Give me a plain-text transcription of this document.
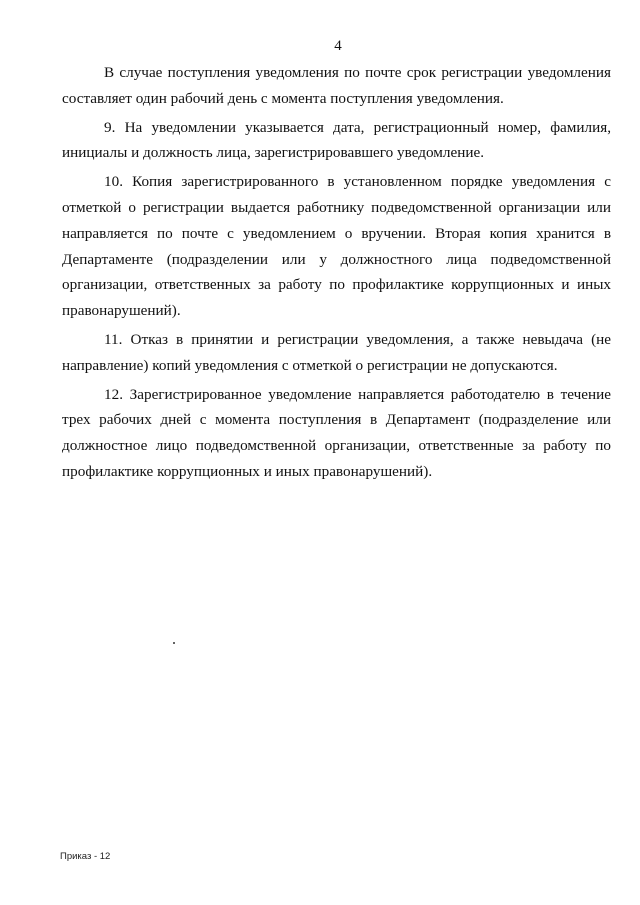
4

В случае поступления уведомления по почте срок регистрации уведомления составляет один рабочий день с момента поступления уведомления.

9. На уведомлении указывается дата, регистрационный номер, фамилия, инициалы и должность лица, зарегистрировавшего уведомление.

10. Копия зарегистрированного в установленном порядке уведомления с отметкой о регистрации выдается работнику подведомственной организации или направляется по почте с уведомлением о вручении. Вторая копия хранится в Департаменте (подразделении или у должностного лица подведомственной организации, ответственных за работу по профилактике коррупционных и иных правонарушений).

11. Отказ в принятии и регистрации уведомления, а также невыдача (не направление) копий уведомления с отметкой о регистрации не допускаются.

12. Зарегистрированное уведомление направляется работодателю в течение трех рабочих дней с момента поступления в Департамент (подразделение или должностное лицо подведомственной организации, ответственные за работу по профилактике коррупционных и иных правонарушений).

Приказ - 12
